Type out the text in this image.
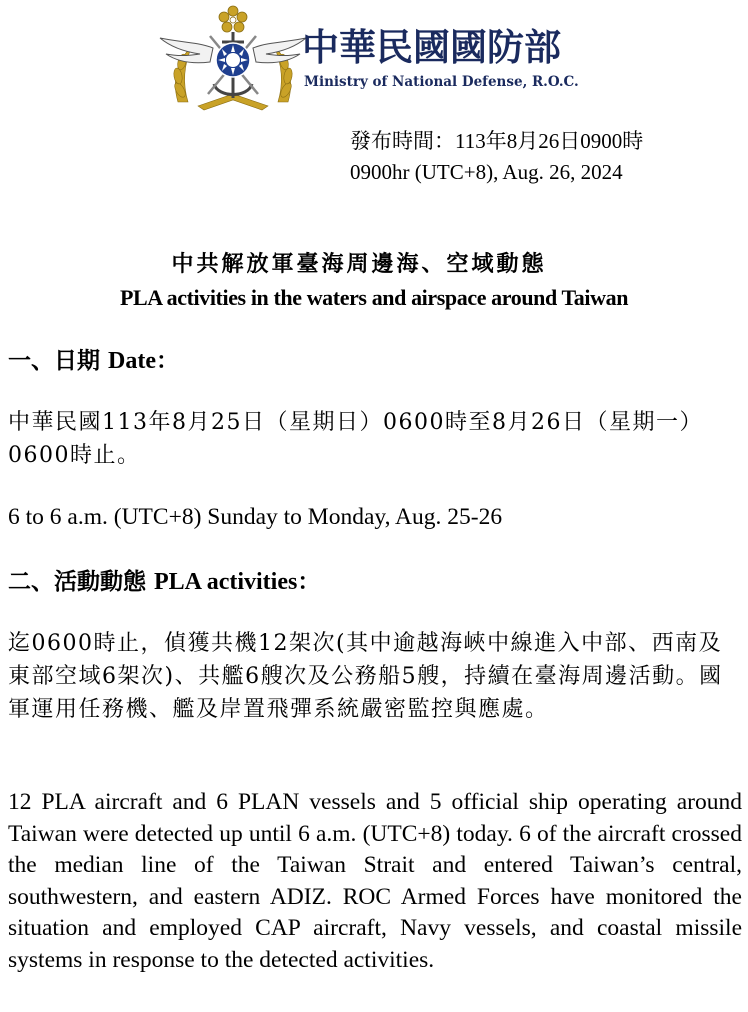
中華民國國防部
Ministry of National Defense, R.O.C.
發布時間：113年8月26日0900時
0900hr (UTC+8), Aug. 26, 2024
中共解放軍臺海周邊海、空域動態
PLA activities in the waters and airspace around Taiwan
一、日期 Date：
中華民國113年8月25日（星期日）0600時至8月26日（星期一）0600時止。
6 to 6 a.m. (UTC+8) Sunday to Monday, Aug. 25-26
二、活動動態 PLA activities：
迄0600時止，偵獲共機12架次(其中逾越海峽中線進入中部、西南及東部空域6架次)、共艦6艘次及公務船5艘，持續在臺海周邊活動。國軍運用任務機、艦及岸置飛彈系統嚴密監控與應處。
12 PLA aircraft and 6 PLAN vessels and 5 official ship operating around Taiwan were detected up until 6 a.m. (UTC+8) today. 6 of the aircraft crossed the median line of the Taiwan Strait and entered Taiwan’s central, southwestern, and eastern ADIZ. ROC Armed Forces have monitored the situation and employed CAP aircraft, Navy vessels, and coastal missile systems in response to the detected activities.
